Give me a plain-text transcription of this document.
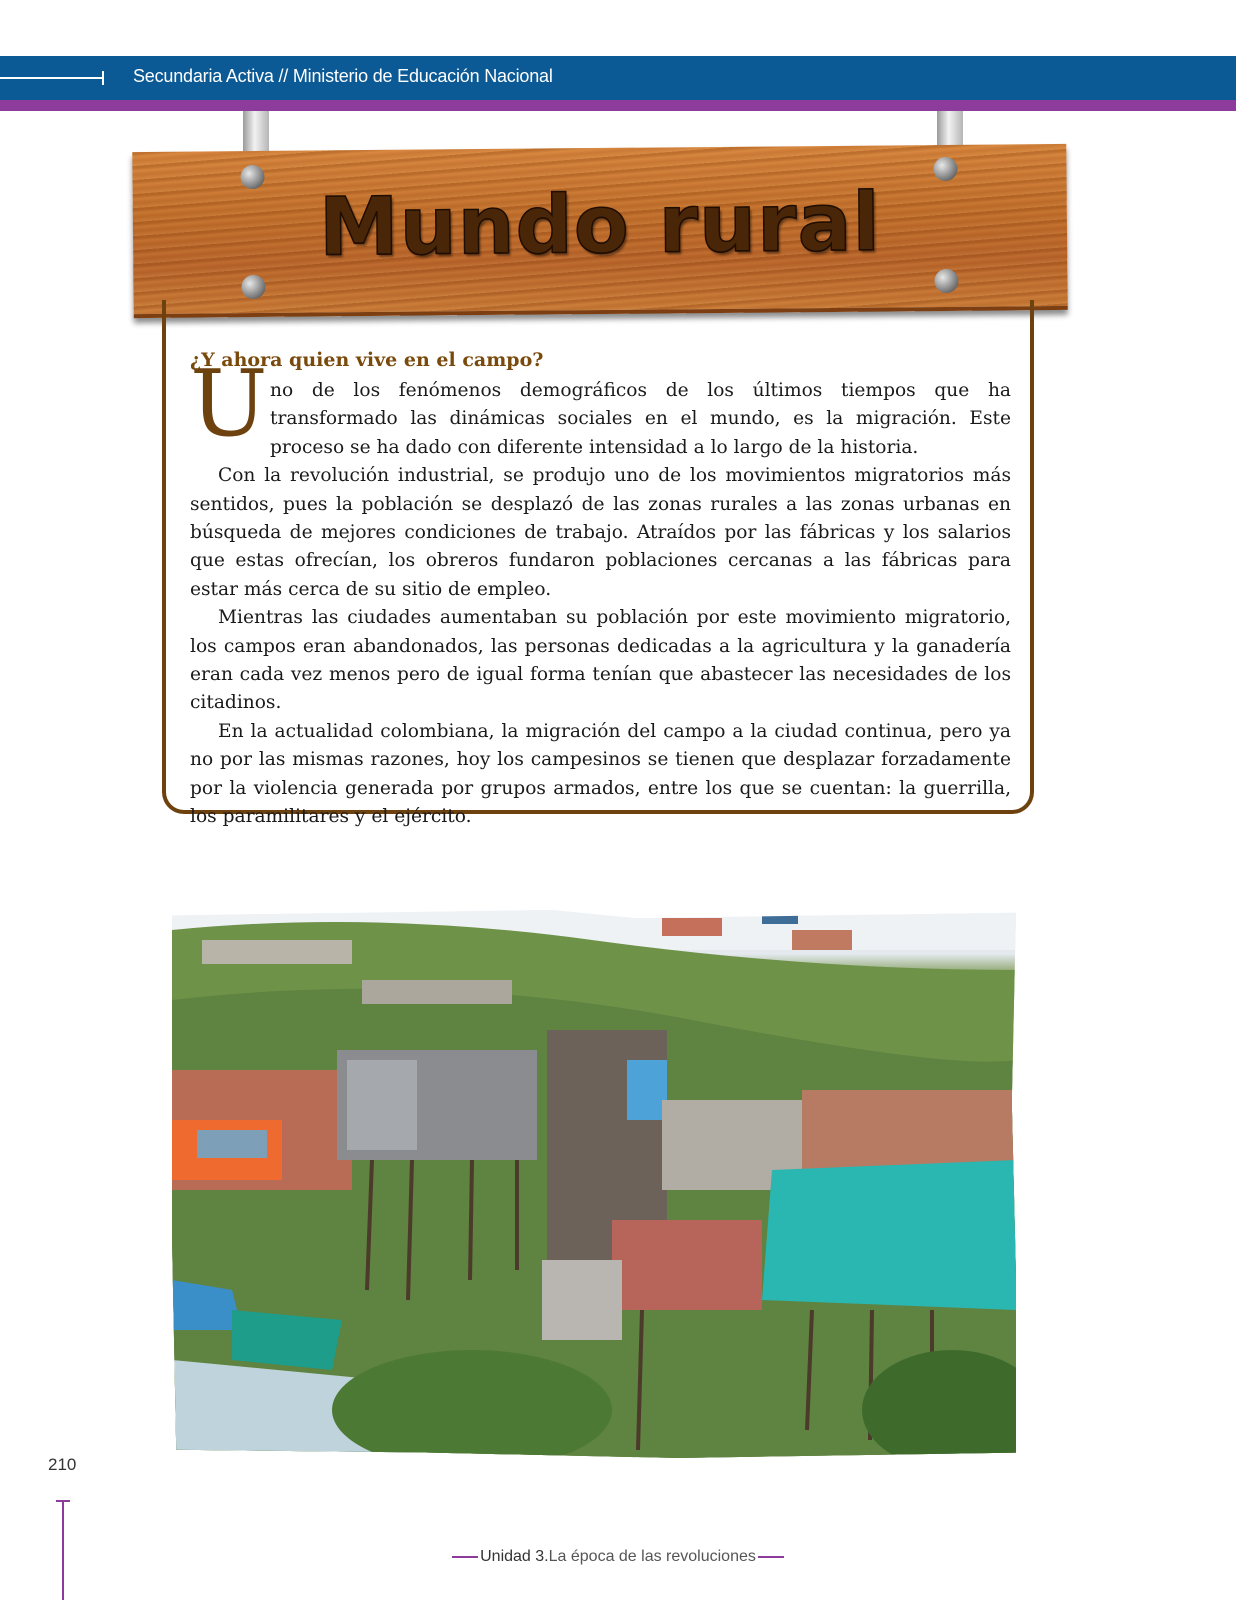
Secundaria Activa // Ministerio de Educación Nacional
Mundo rural
¿Y ahora quien vive en el campo?
U no de los fenómenos demográficos de los últimos tiempos que ha transformado las dinámicas sociales en el mundo, es la migración. Este proceso se ha dado con diferente intensidad a lo largo de la historia.

Con la revolución industrial, se produjo uno de los movimientos migratorios más sentidos, pues la población se desplazó de las zonas rurales a las zonas urbanas en búsqueda de mejores condiciones de trabajo. Atraídos por las fábricas y los salarios que estas ofrecían, los obreros fundaron poblaciones cercanas a las fábricas para estar más cerca de su sitio de empleo.

Mientras las ciudades aumentaban su población por este movimiento migratorio, los campos eran abandonados, las personas dedicadas a la agricultura y la ganadería eran cada vez menos pero de igual forma tenían que abastecer las necesidades de los citadinos.

En la actualidad colombiana, la migración del campo a la ciudad continua, pero ya no por las mismas razones, hoy los campesinos se tienen que desplazar forzadamente por la violencia generada por grupos armados, entre los que se cuentan: la guerrilla, los paramilitares y el ejército.

210
Unidad 3.La época de las revoluciones
